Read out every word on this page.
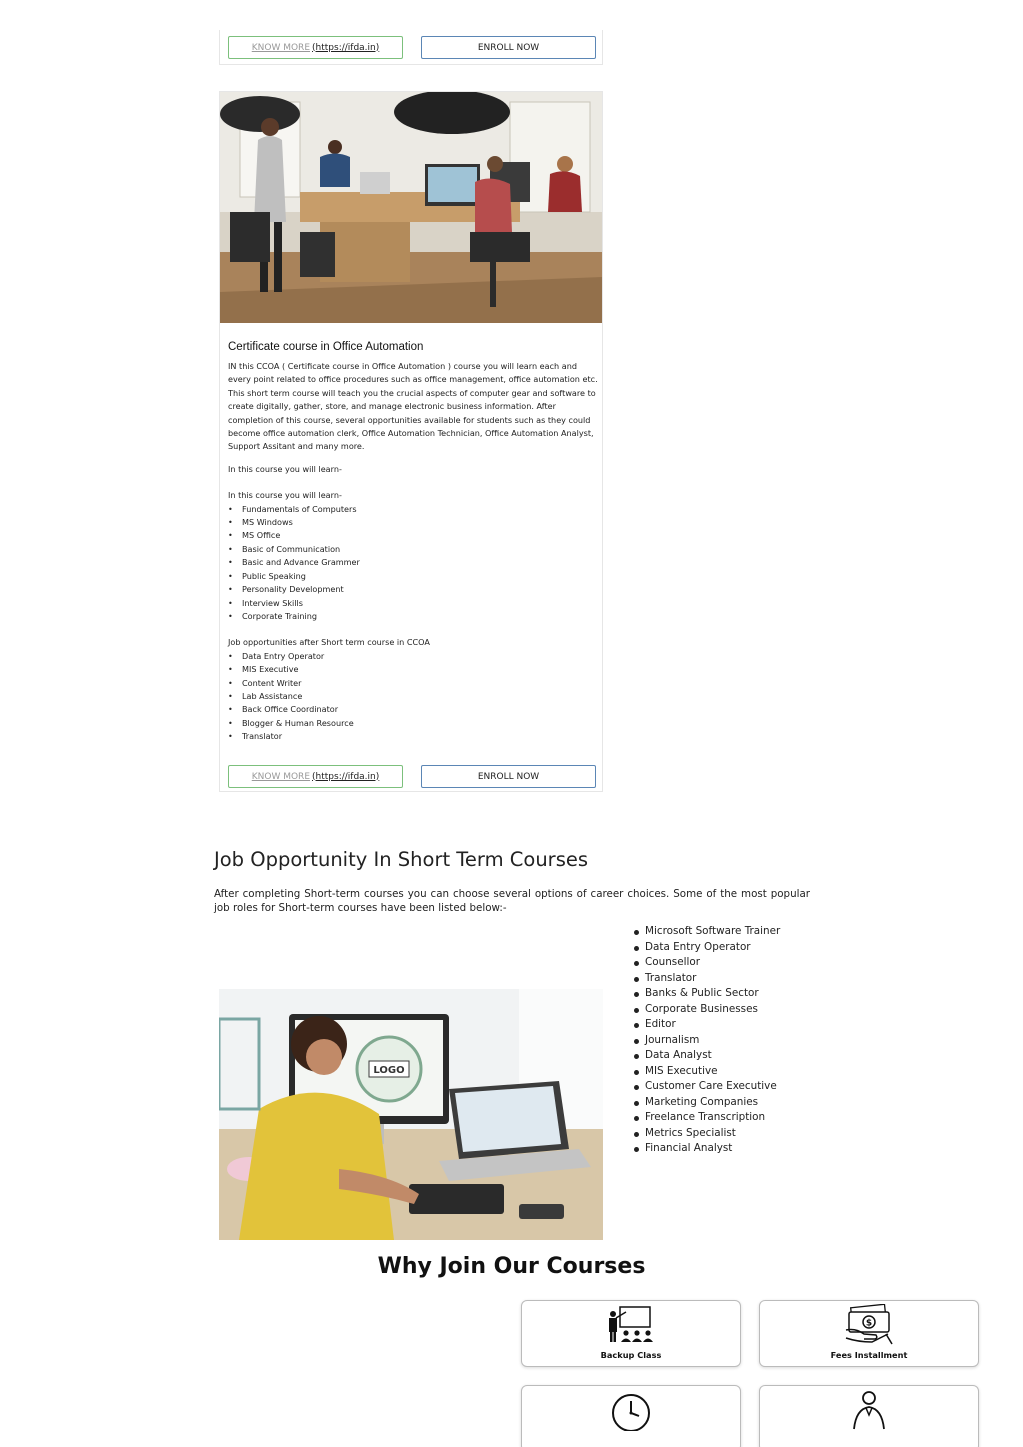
KNOW MORE (https://ifda.in)	ENROLL NOW
Certificate course in Office Automation

IN this CCOA ( Certificate course in Office Automation ) course you will learn each and every point related to office procedures such as office management, office automation etc. This short term course will teach you the crucial aspects of computer gear and software to create digitally, gather, store, and manage electronic business information. After completion of this course, several opportunities available for students such as they could become office automation clerk, Office Automation Technician, Office Automation Analyst, Support Assitant and many more.

In this course you will learn-

In this course you will learn-

• Fundamentals of Computers
• MS Windows
• MS Office
• Basic of Communication
• Basic and Advance Grammer
• Public Speaking
• Personality Development
• Interview Skills
• Corporate Training

Job opportunities after Short term course in CCOA

• Data Entry Operator
• MIS Executive
• Content Writer
• Lab Assistance
• Back Office Coordinator
• Blogger & Human Resource
• Translator
KNOW MORE (https://ifda.in)	ENROLL NOW
Job Opportunity In Short Term Courses

After completing Short-term courses you can choose several options of career choices. Some of the most popular job roles for Short-term courses have been listed below:-

LOGO
Microsoft Software Trainer
Data Entry Operator
Counsellor
Translator
Banks & Public Sector
Corporate Businesses
Editor
Journalism
Data Analyst
MIS Executive
Customer Care Executive
Marketing Companies
Freelance Transcription
Metrics Specialist
Financial Analyst
Why Join Our Courses
Backup Class
$
Fees Installment
